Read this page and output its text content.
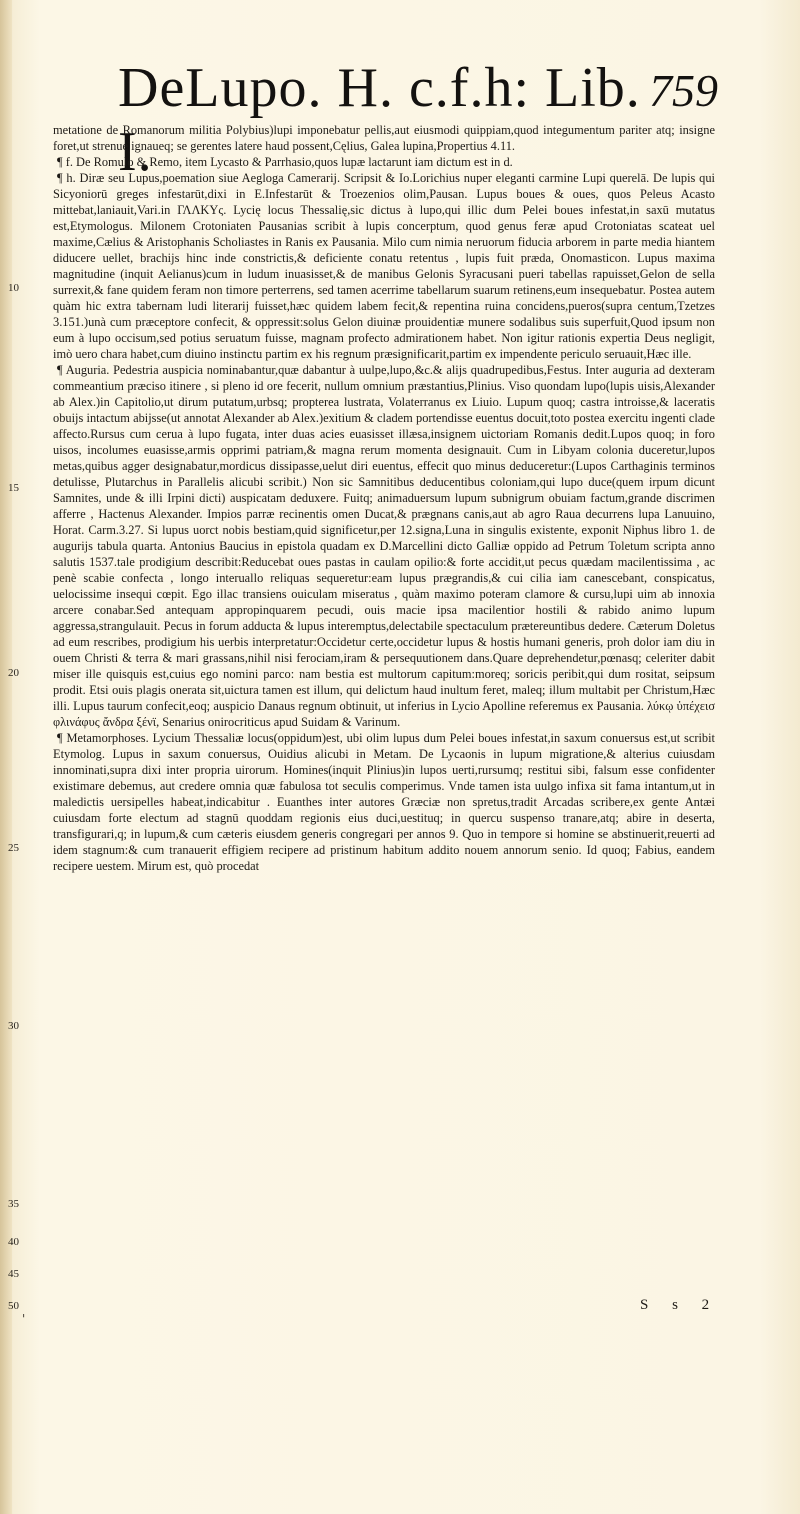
DeLupo. H. c.f.h: Lib. I.
759
10
15
20
25
30
35
40
45
50

metatione de Romanorum militia Polybius)lupi imponebatur pellis,aut eiusmodi quippiam,quod integumentum pariter atq; insigne foret,ut strenue ignaueq; se gerentes latere haud possent,Cęlius, Galea lupina,Propertius 4.11.

¶ f. De Romulo & Remo, item Lycasto & Parrhasio,quos lupæ lactarunt iam dictum est in d.

¶ h. Diræ seu Lupus,poemation siue Aegloga Camerarij. Scripsit & Io.Lorichius nuper eleganti carmine Lupi querelā. De lupis qui Sicyoniorū greges infestarūt,dixi in E.Infestarūt & Troezenios olim,Pausan. Lupus boues & oues, quos Peleus Acasto mittebat,laniauit,Vari.in ΓΛΛΚΥς. Lycię locus Thessalię,sic dictus à lupo,qui illic dum Pelei boues infestat,in saxū mutatus est,Etymologus. Milonem Crotoniaten Pausanias scribit à lupis concerptum, quod genus feræ apud Crotoniatas scateat uel maxime,Cælius & Aristophanis Scholiastes in Ranis ex Pausania. Milo cum nimia neruorum fiducia arborem in parte media hiantem diducere uellet, brachijs hinc inde constrictis,& deficiente conatu retentus , lupis fuit præda, Onomasticon. Lupus maxima magnitudine (inquit Aelianus)cum in ludum inuasisset,& de manibus Gelonis Syracusani pueri tabellas rapuisset,Gelon de sella surrexit,& fane quidem feram non timore perterrens, sed tamen acerrime tabellarum suarum retinens,eum insequebatur. Postea autem quàm hic extra tabernam ludi literarij fuisset,hæc quidem labem fecit,& repentina ruina concidens,pueros(supra centum,Tzetzes 3.151.)unà cum præceptore confecit, & oppressit:solus Gelon diuinæ prouidentiæ munere sodalibus suis superfuit,Quod ipsum non eum à lupo occisum,sed potius seruatum fuisse, magnam profecto admirationem habet. Non igitur rationis expertia Deus negligit, imò uero chara habet,cum diuino instinctu partim ex his regnum præsignificarit,partim ex impendente periculo seruauit,Hæc ille.

¶ Auguria. Pedestria auspicia nominabantur,quæ dabantur à uulpe,lupo,&c.& alijs quadrupedibus,Festus. Inter auguria ad dexteram commeantium præciso itinere , si pleno id ore fecerit, nullum omnium præstantius,Plinius. Viso quondam lupo(lupis uisis,Alexander ab Alex.)in Capitolio,ut dirum putatum,urbsq; propterea lustrata, Volaterranus ex Liuio. Lupum quoq; castra introisse,& laceratis obuijs intactum abijsse(ut annotat Alexander ab Alex.)exitium & cladem portendisse euentus docuit,toto postea exercitu ingenti clade affecto.Rursus cum ceruа à lupo fugata, inter duas acies euasisset illæsa,insignem uictoriam Romanis dedit.Lupos quoq; in foro uisos, incolumes euasisse,armis opprimi patriam,& magna rerum momenta designauit. Cum in Libyam colonia duceretur,lupos metas,quibus agger designabatur,mordicus dissipasse,uelut diri euentus, effecit quo minus deduceretur:(Lupos Carthaginis terminos detulisse, Plutarchus in Parallelis alicubi scribit.) Non sic Samnitibus deducentibus coloniam,qui lupo duce(quem irpum dicunt Samnites, unde & illi Irpini dicti) auspicatam deduxere. Fuitq; animaduersum lupum subnigrum obuiam factum,grande discrimen afferre , Hactenus Alexander. Impios parræ recinentis omen Ducat,& prægnans canis,aut ab agro Raua decurrens lupa Lanuuino, Horat. Carm.3.27. Si lupus uorct nobis bestiam,quid significetur,per 12.signa,Luna in singulis existente, exponit Niphus libro 1. de augurijs tabula quarta. Antonius Baucius in epistola quadam ex D.Marcellini dicto Galliæ oppido ad Petrum Toletum scripta anno salutis 1537.tale prodigium describit:Reducebat oues pastas in caulam opilio:& forte accidit,ut pecus quædam macilentissima , ac penè scabie confecta , longo interuallo reliquas sequeretur:eam lupus prægrandis,& cui cilia iam canescebant, conspicatus, uelocissime insequi cœpit. Ego illac transiens ouiculam miseratus , quàm maximo poteram clamore & cursu,lupi uim ab innoxia arcere conabar.Sed antequam appropinquarem pecudi, ouis macie ipsa macilentior hostili & rabido animo lupum aggressa,strangulauit. Pecus in forum adducta & lupus interemptus,delectabile spectaculum prætereuntibus dedere. Cæterum Doletus ad eum rescribes, prodigium his uerbis interpretatur:Occidetur certe,occidetur lupus & hostis humani generis, proh dolor iam diu in ouem Christi & terra & mari grassans,nihil nisi ferociam,iram & persequutionem dans.Quare deprehendetur,pœnasq; celeriter dabit miser ille quisquis est,cuius ego nomini parco: nam bestia est multorum capitum:moreq; soricis peribit,qui dum rositat, seipsum prodit. Etsi ouis plagis onerata sit,uictura tamen est illum, qui delictum haud inultum feret, maleq; illum multabit per Christum,Hæc illi. Lupus taurum confecit,eoq; auspicio Danaus regnum obtinuit, ut inferius in Lycio Apolline referemus ex Pausania. λύκῳ ὑπέχεισ φλινάφυς ἄνδρα ξένϊ, Senarius onirocriticus apud Suidam & Varinum.

¶ Metamorphoses. Lycium Thessaliæ locus(oppidum)est, ubi olim lupus dum Pelei boues infestat,in saxum conuersus est,ut scribit Etymolog. Lupus in saxum conuersus, Ouidius alicubi in Metam. De Lycaonis in lupum migratione,& alterius cuiusdam innominati,supra dixi inter propria uirorum. Homines(inquit Plinius)in lupos uerti,rursumq; restitui sibi, falsum esse confidenter existimare debemus, aut credere omnia quæ fabulosa tot seculis comperimus. Vnde tamen ista uulgo infixa sit fama intantum,ut in maledictis uersipelles habeat,indicabitur . Euanthes inter autores Græciæ non spretus,tradit Arcadas scribere,ex gente Antæi cuiusdam forte electum ad stagnū quoddam regionis eius duci,uestituq; in quercu suspenso tranare,atq; abire in deserta, transfigurari,q; in lupum,& cum cæteris eiusdem generis congregari per annos 9. Quo in tempore si homine se abstinuerit,reuerti ad idem stagnum:& cum tranauerit effigiem recipere ad pristinum habitum addito nouem annorum senio. Id quoq; Fabius, eandem recipere uestem. Mirum est, quò procedat

S s 2
'
